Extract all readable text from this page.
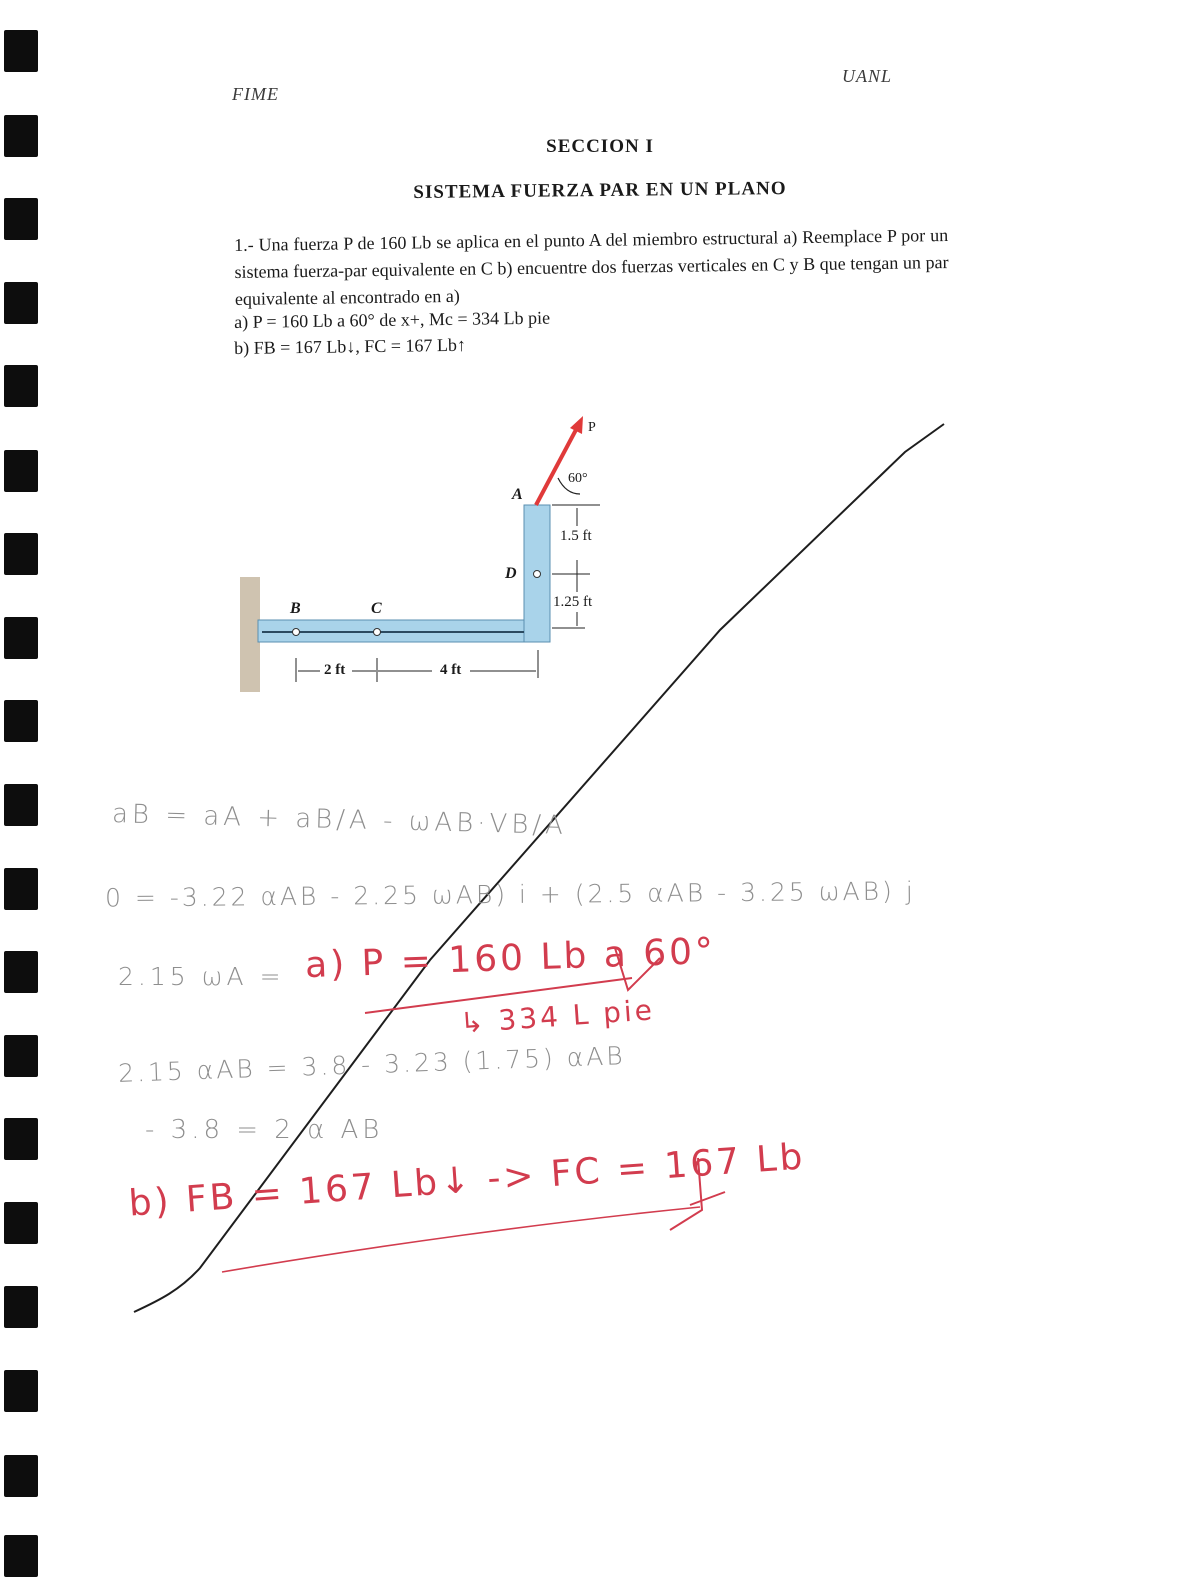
FIME
UANL
SECCION I
SISTEMA FUERZA PAR EN UN PLANO

1.- Una fuerza P de 160 Lb se aplica en el punto A del miembro estructural a) Reemplace P por un sistema fuerza-par equivalente en C b) encuentre dos fuerzas verticales en C y B que tengan un par equivalente al encontrado en a)

a) P = 160 Lb a 60° de x+, Mc = 334 Lb pie
b) FB = 167 Lb↓, FC = 167 Lb↑
P
A
60°
1.5 ft
D
1.25 ft
B	C
2 ft	4 ft
aB = aA + aB/A - ωAB·VB/A
0 = -3.22 αAB - 2.25 ωAB) i + (2.5 αAB - 3.25 ωAB) j
2.15 ωA =
2.15 αAB = 3.8 - 3.23 (1.75) αAB
- 3.8 = 2 α AB
a) P = 160 Lb a 60°
↳ 334 L pie
b) FB = 167 Lb↓ -> FC = 167 Lb
